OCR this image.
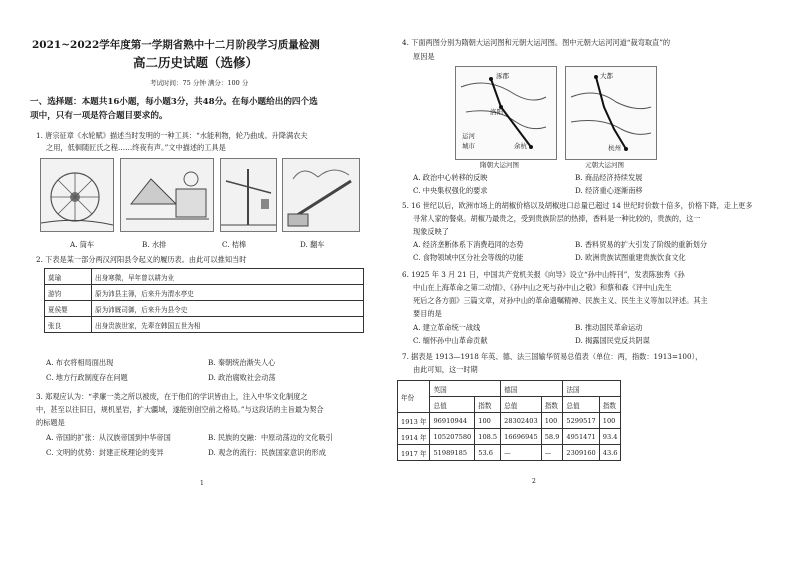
2021~2022学年度第一学期省熟中十二月阶段学习质量检测
高二历史试题（选修）
考试时间：75 分钟 满分：100 分
一、选择题：本题共16小题，每小题3分，共48分。在每小题给出的四个选
项中，只有一项是符合题目要求的。
1. 唐宗征章《水轮赋》描述当时发明的一种工具：“水能利物，轮乃曲成。升降满农夫
之用，低徊随匠氏之程……终夜有声。”文中描述的工具是
A. 筒车	B. 水排	C. 桔槔	D. 翻车
2. 下表是某一部分两汉河阳县令起义的履历表。由此可以推知当时
莫瑜	出身寒微，早年曾以耕为业
游钧	原为沛县主簿，后来升为渭水亭史
夏侯婴	原为沛厩司御，后来升为县令史
张良	出身贵族世家，先辈在韩国五世为相
A. 布衣将相局面出现	B. 秦朝统治渐失人心
C. 地方行政制度存在问题	D. 政治腐败社会动荡
3. 郑观应认为：“孝廉一类之所以被废，在于他们的学识皆由上，注入中华文化制度之
中，甚至以往旧日，规机星岩，扩大疆域，遂能别创空前之格局。”与这段话的主旨最为契合
的标题是
A. 帝国的扩张：从汉族帝国到中华帝国	B. 民族的交融：中原动荡边的文化吸引
C. 文明的优势：封建正统理论的变异	D. 观念的流行：民族国家意识的形成
1
4. 下面两图分别为隋朝大运河图和元朝大运河图。图中元朝大运河河道“裁弯取直”的
原因是
涿郡
洛阳
余杭
运河
城市
隋朝大运河图
大都
杭州
元朝大运河图
A. 政治中心转移的反映	B. 商品经济持续发展
C. 中央集权强化的要求	D. 经济重心逐渐南移
5. 16 世纪以后，欧洲市场上的胡椒价格以及胡椒进口总量已超过 14 世纪时价数十倍多，价格下降，走上更多
寻常人家的餐桌。胡椒乃最贵之，受到贵族阶层的热捧，香料是一种比较的，贵族的，这一
现象反映了
A. 经济垄断体系下消费趋同的态势	B. 香料贸易的扩大引发了阶级的重新划分
C. 食物领域中区分社会等级的功能	D. 欧洲贵族试图重建贵族饮食文化
6. 1925 年 3 月 21 日，中国共产党机关报《向导》设立“孙中山特刊”，发表陈独秀《孙
中山在上海革命之第二动情》、《孙中山之死与孙中山之敬》和蔡和森《评中山先生
死后之各方面》三篇文章，对孙中山的革命遗嘱精神、民族主义、民生主义等加以评述。其主
要目的是
A. 建立革命统一战线	B. 推动国民革命运动
C. 缅怀孙中山革命贡献	D. 揭露国民党反共阴谋
7. 据表是 1913—1918 年英、德、法三国输华贸易总值表（单位：两，指数：1913=100），
由此可知，这一时期
年份	英国		德国		法国	
	总值	指数	总值	指数	总值	指数
1913 年	96910944	100	28302403	100	5299517	100
1914 年	105207580	108.5	16696945	58.9	4951471	93.4
1917 年	51989185	53.6	—	—	2309160	43.6
2
